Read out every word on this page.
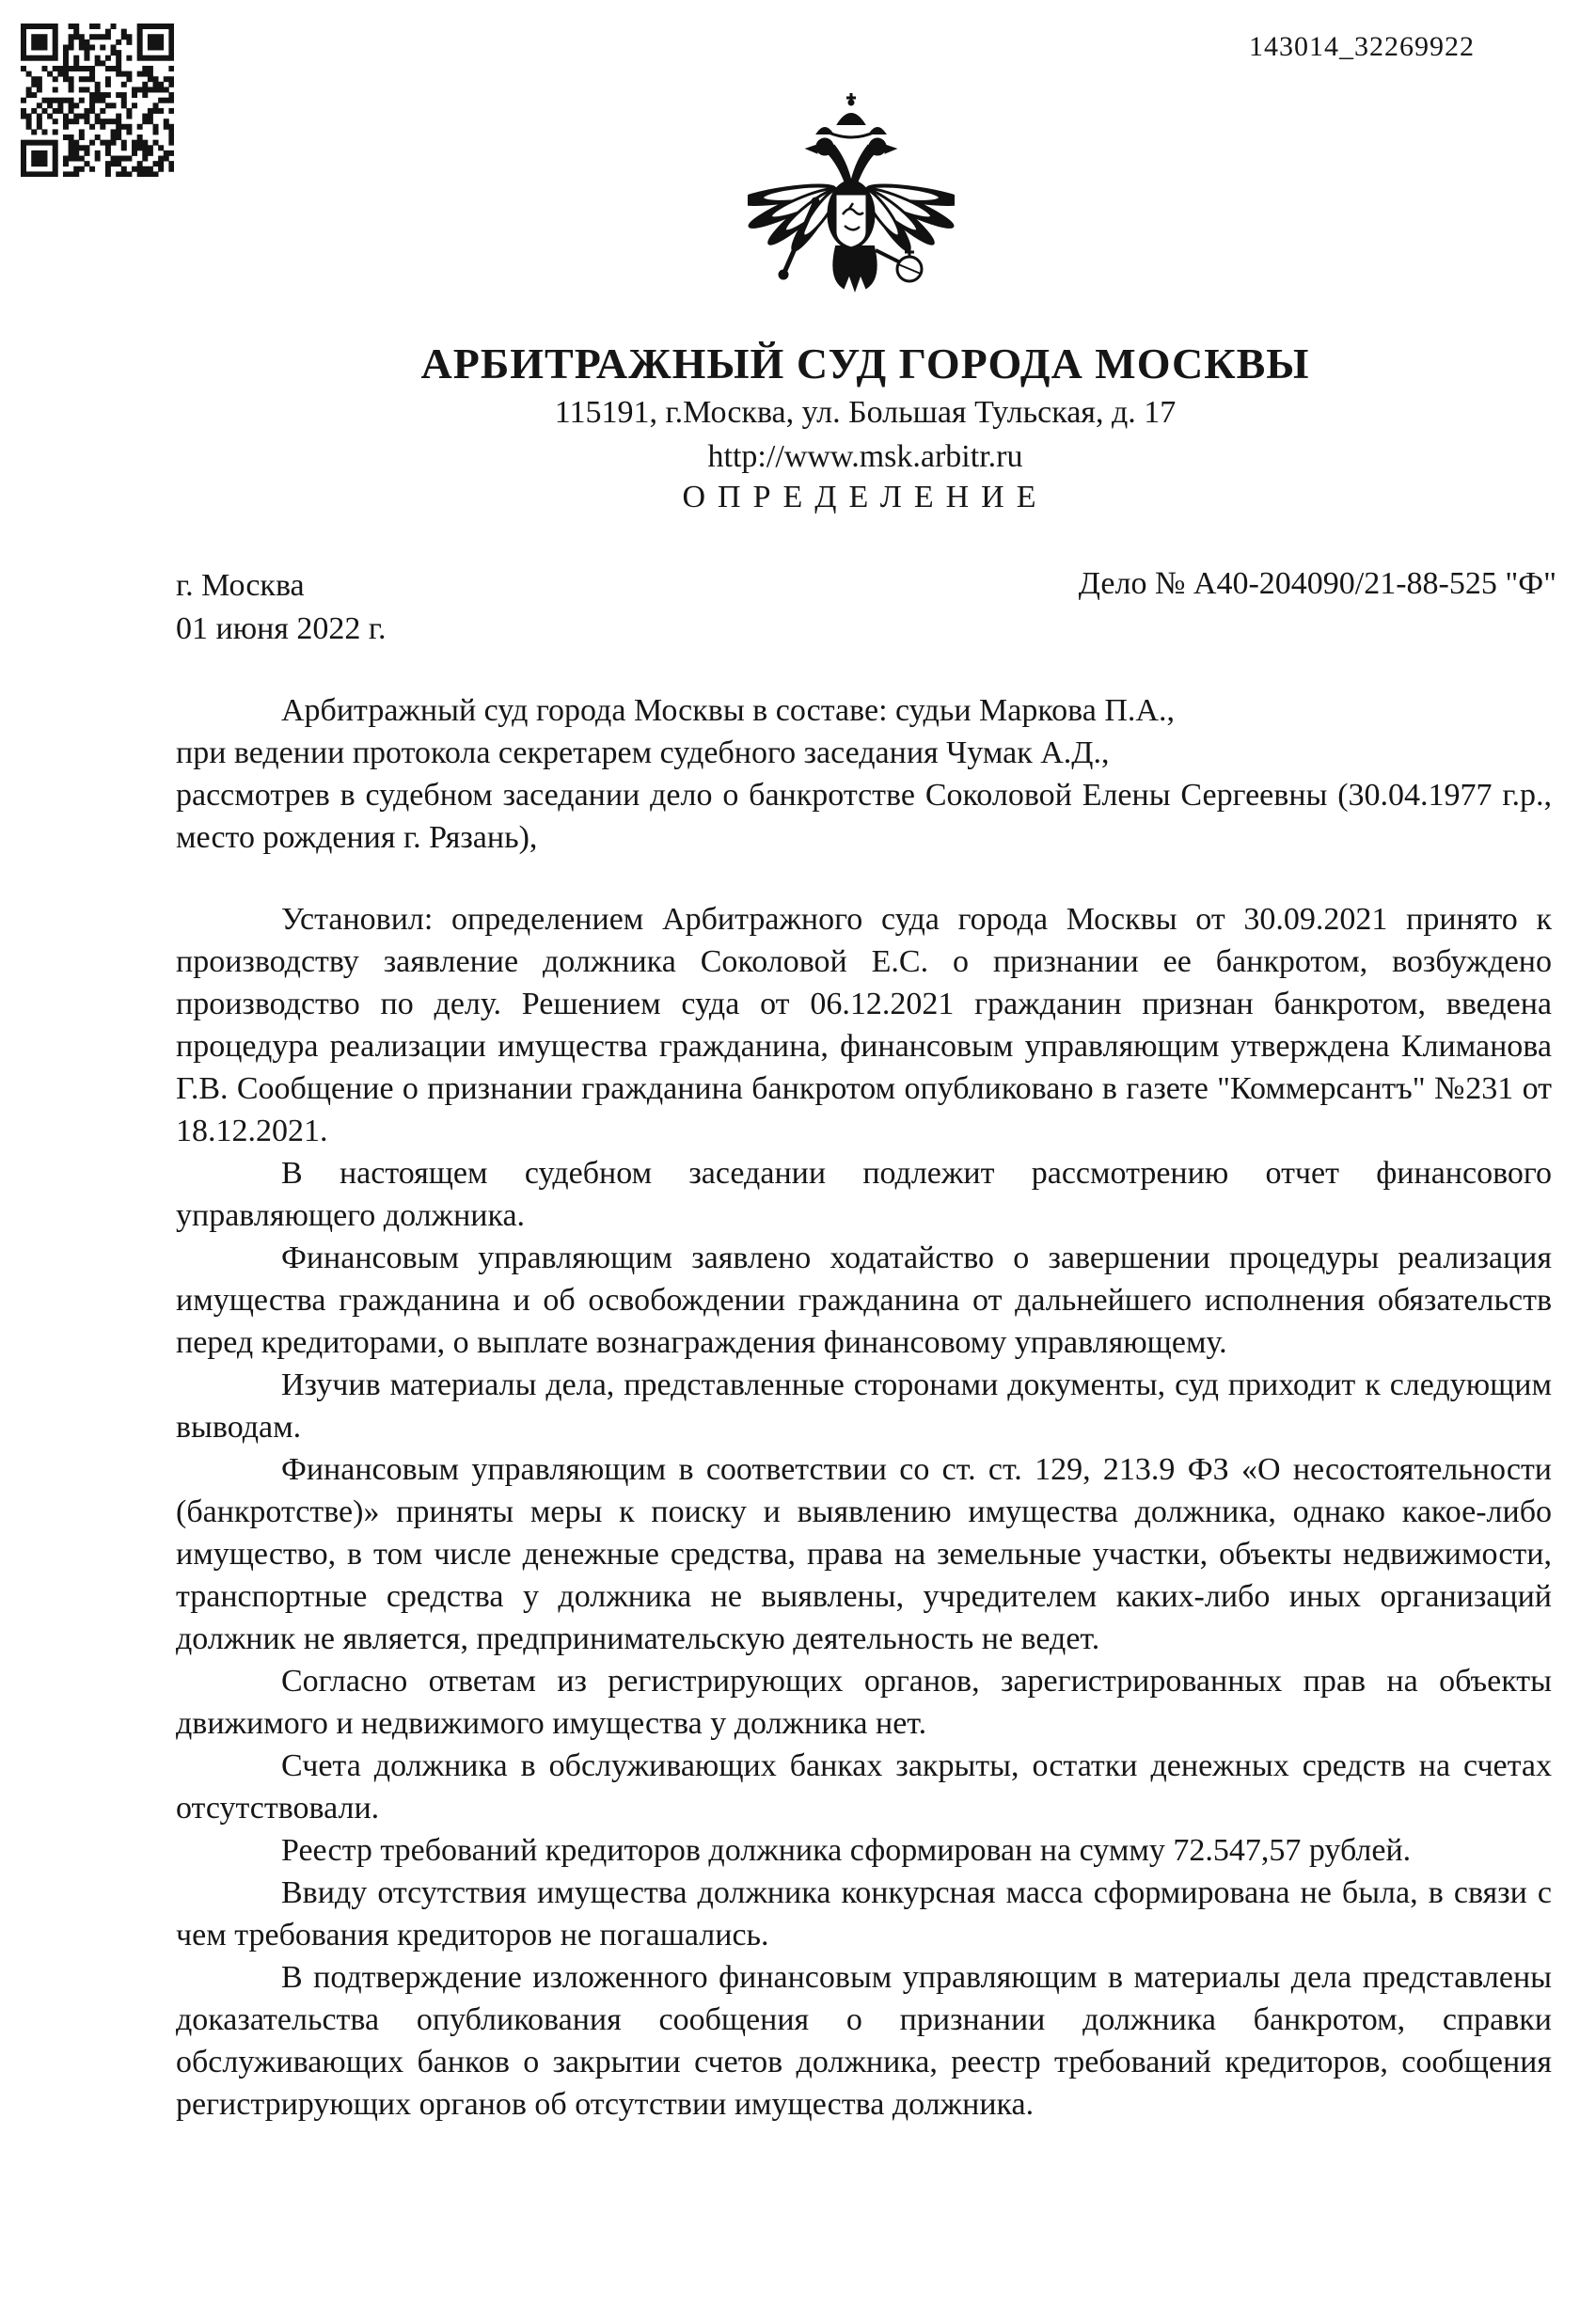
143014_32269922
АРБИТРАЖНЫЙ СУД ГОРОДА МОСКВЫ
115191, г.Москва, ул. Большая Тульская, д. 17
http://www.msk.arbitr.ru
ОПРЕДЕЛЕНИЕ
г. Москва	Дело № А40-204090/21-88-525 "Ф"
01 июня 2022 г.
Арбитражный суд города Москвы в составе: судьи Маркова П.А.,
при ведении протокола секретарем судебного заседания Чумак А.Д.,
рассмотрев в судебном заседании дело о банкротстве Соколовой Елены Сергеевны (30.04.1977 г.р., место рождения г. Рязань),

Установил: определением Арбитражного суда города Москвы от 30.09.2021 принято к производству заявление должника Соколовой Е.С. о признании ее банкротом, возбуждено производство по делу. Решением суда от 06.12.2021 гражданин признан банкротом, введена процедура реализации имущества гражданина, финансовым управляющим утверждена Климанова Г.В. Сообщение о признании гражданина банкротом опубликовано в газете "Коммерсантъ" №231 от 18.12.2021.

В настоящем судебном заседании подлежит рассмотрению отчет финансового управляющего должника.

Финансовым управляющим заявлено ходатайство о завершении процедуры реализация имущества гражданина и об освобождении гражданина от дальнейшего исполнения обязательств перед кредиторами, о выплате вознаграждения финансовому управляющему.

Изучив материалы дела, представленные сторонами документы, суд приходит к следующим выводам.

Финансовым управляющим в соответствии со ст. ст. 129, 213.9 ФЗ «О несостоятельности (банкротстве)» приняты меры к поиску и выявлению имущества должника, однако какое-либо имущество, в том числе денежные средства, права на земельные участки, объекты недвижимости, транспортные средства у должника не выявлены, учредителем каких-либо иных организаций должник не является, предпринимательскую деятельность не ведет.

Согласно ответам из регистрирующих органов, зарегистрированных прав на объекты движимого и недвижимого имущества у должника нет.

Счета должника в обслуживающих банках закрыты, остатки денежных средств на счетах отсутствовали.

Реестр требований кредиторов должника сформирован на сумму 72.547,57 рублей.

Ввиду отсутствия имущества должника конкурсная масса сформирована не была, в связи с чем требования кредиторов не погашались.

В подтверждение изложенного финансовым управляющим в материалы дела представлены доказательства опубликования сообщения о признании должника банкротом, справки обслуживающих банков о закрытии счетов должника, реестр требований кредиторов, сообщения регистрирующих органов об отсутствии имущества должника.
